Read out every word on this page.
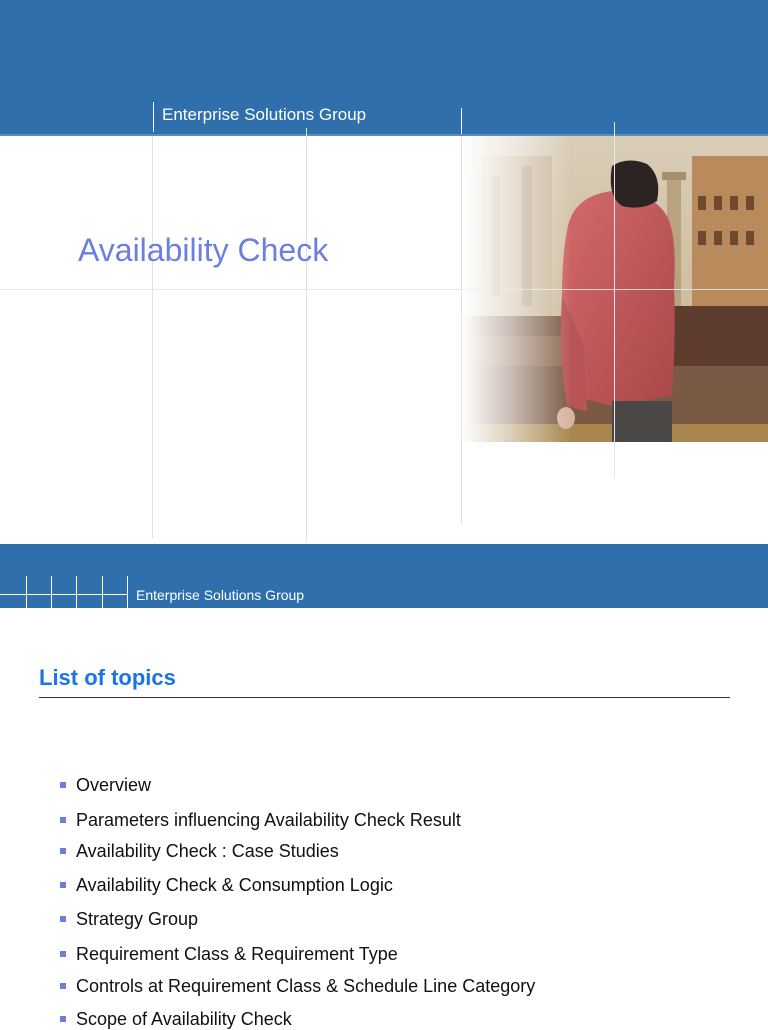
Enterprise Solutions Group
Availability Check
Enterprise Solutions Group
List of topics
Overview
Parameters influencing Availability Check Result
Availability Check : Case Studies
Availability Check & Consumption Logic
Strategy Group
Requirement Class & Requirement Type
Controls at Requirement Class & Schedule Line Category
Scope of Availability Check
